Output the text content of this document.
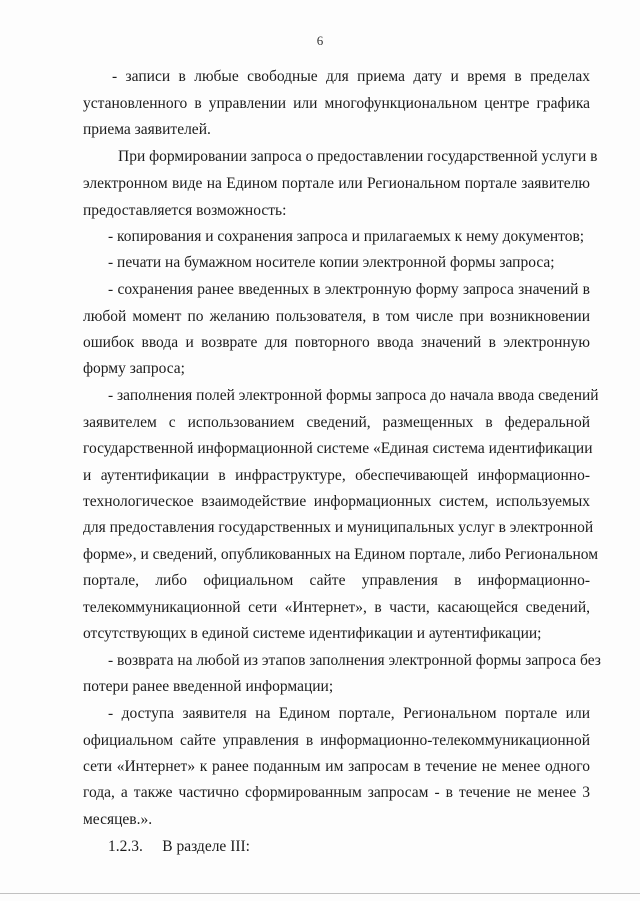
6
- записи в любые свободные для приема дату и время в пределах
установленного в управлении или многофункциональном центре графика
приема заявителей.
При формировании запроса о предоставлении государственной услуги в
электронном виде на Едином портале или Региональном портале заявителю
предоставляется возможность:
- копирования и сохранения запроса и прилагаемых к нему документов;
- печати на бумажном носителе копии электронной формы запроса;
- сохранения ранее введенных в электронную форму запроса значений в
любой момент по желанию пользователя, в том числе при возникновении
ошибок ввода и возврате для повторного ввода значений в электронную
форму запроса;
- заполнения полей электронной формы запроса до начала ввода сведений
заявителем с использованием сведений, размещенных в федеральной
государственной информационной системе «Единая система идентификации
и аутентификации в инфраструктуре, обеспечивающей информационно-
технологическое взаимодействие информационных систем, используемых
для предоставления государственных и муниципальных услуг в электронной
форме», и сведений, опубликованных на Едином портале, либо Региональном
портале, либо официальном сайте управления в информационно-
телекоммуникационной сети «Интернет», в части, касающейся сведений,
отсутствующих в единой системе идентификации и аутентификации;
- возврата на любой из этапов заполнения электронной формы запроса без
потери ранее введенной информации;
- доступа заявителя на Едином портале, Региональном портале или
официальном сайте управления в информационно-телекоммуникационной
сети «Интернет» к ранее поданным им запросам в течение не менее одного
года, а также частично сформированным запросам - в течение не менее 3
месяцев.».
1.2.3.     В разделе III:
